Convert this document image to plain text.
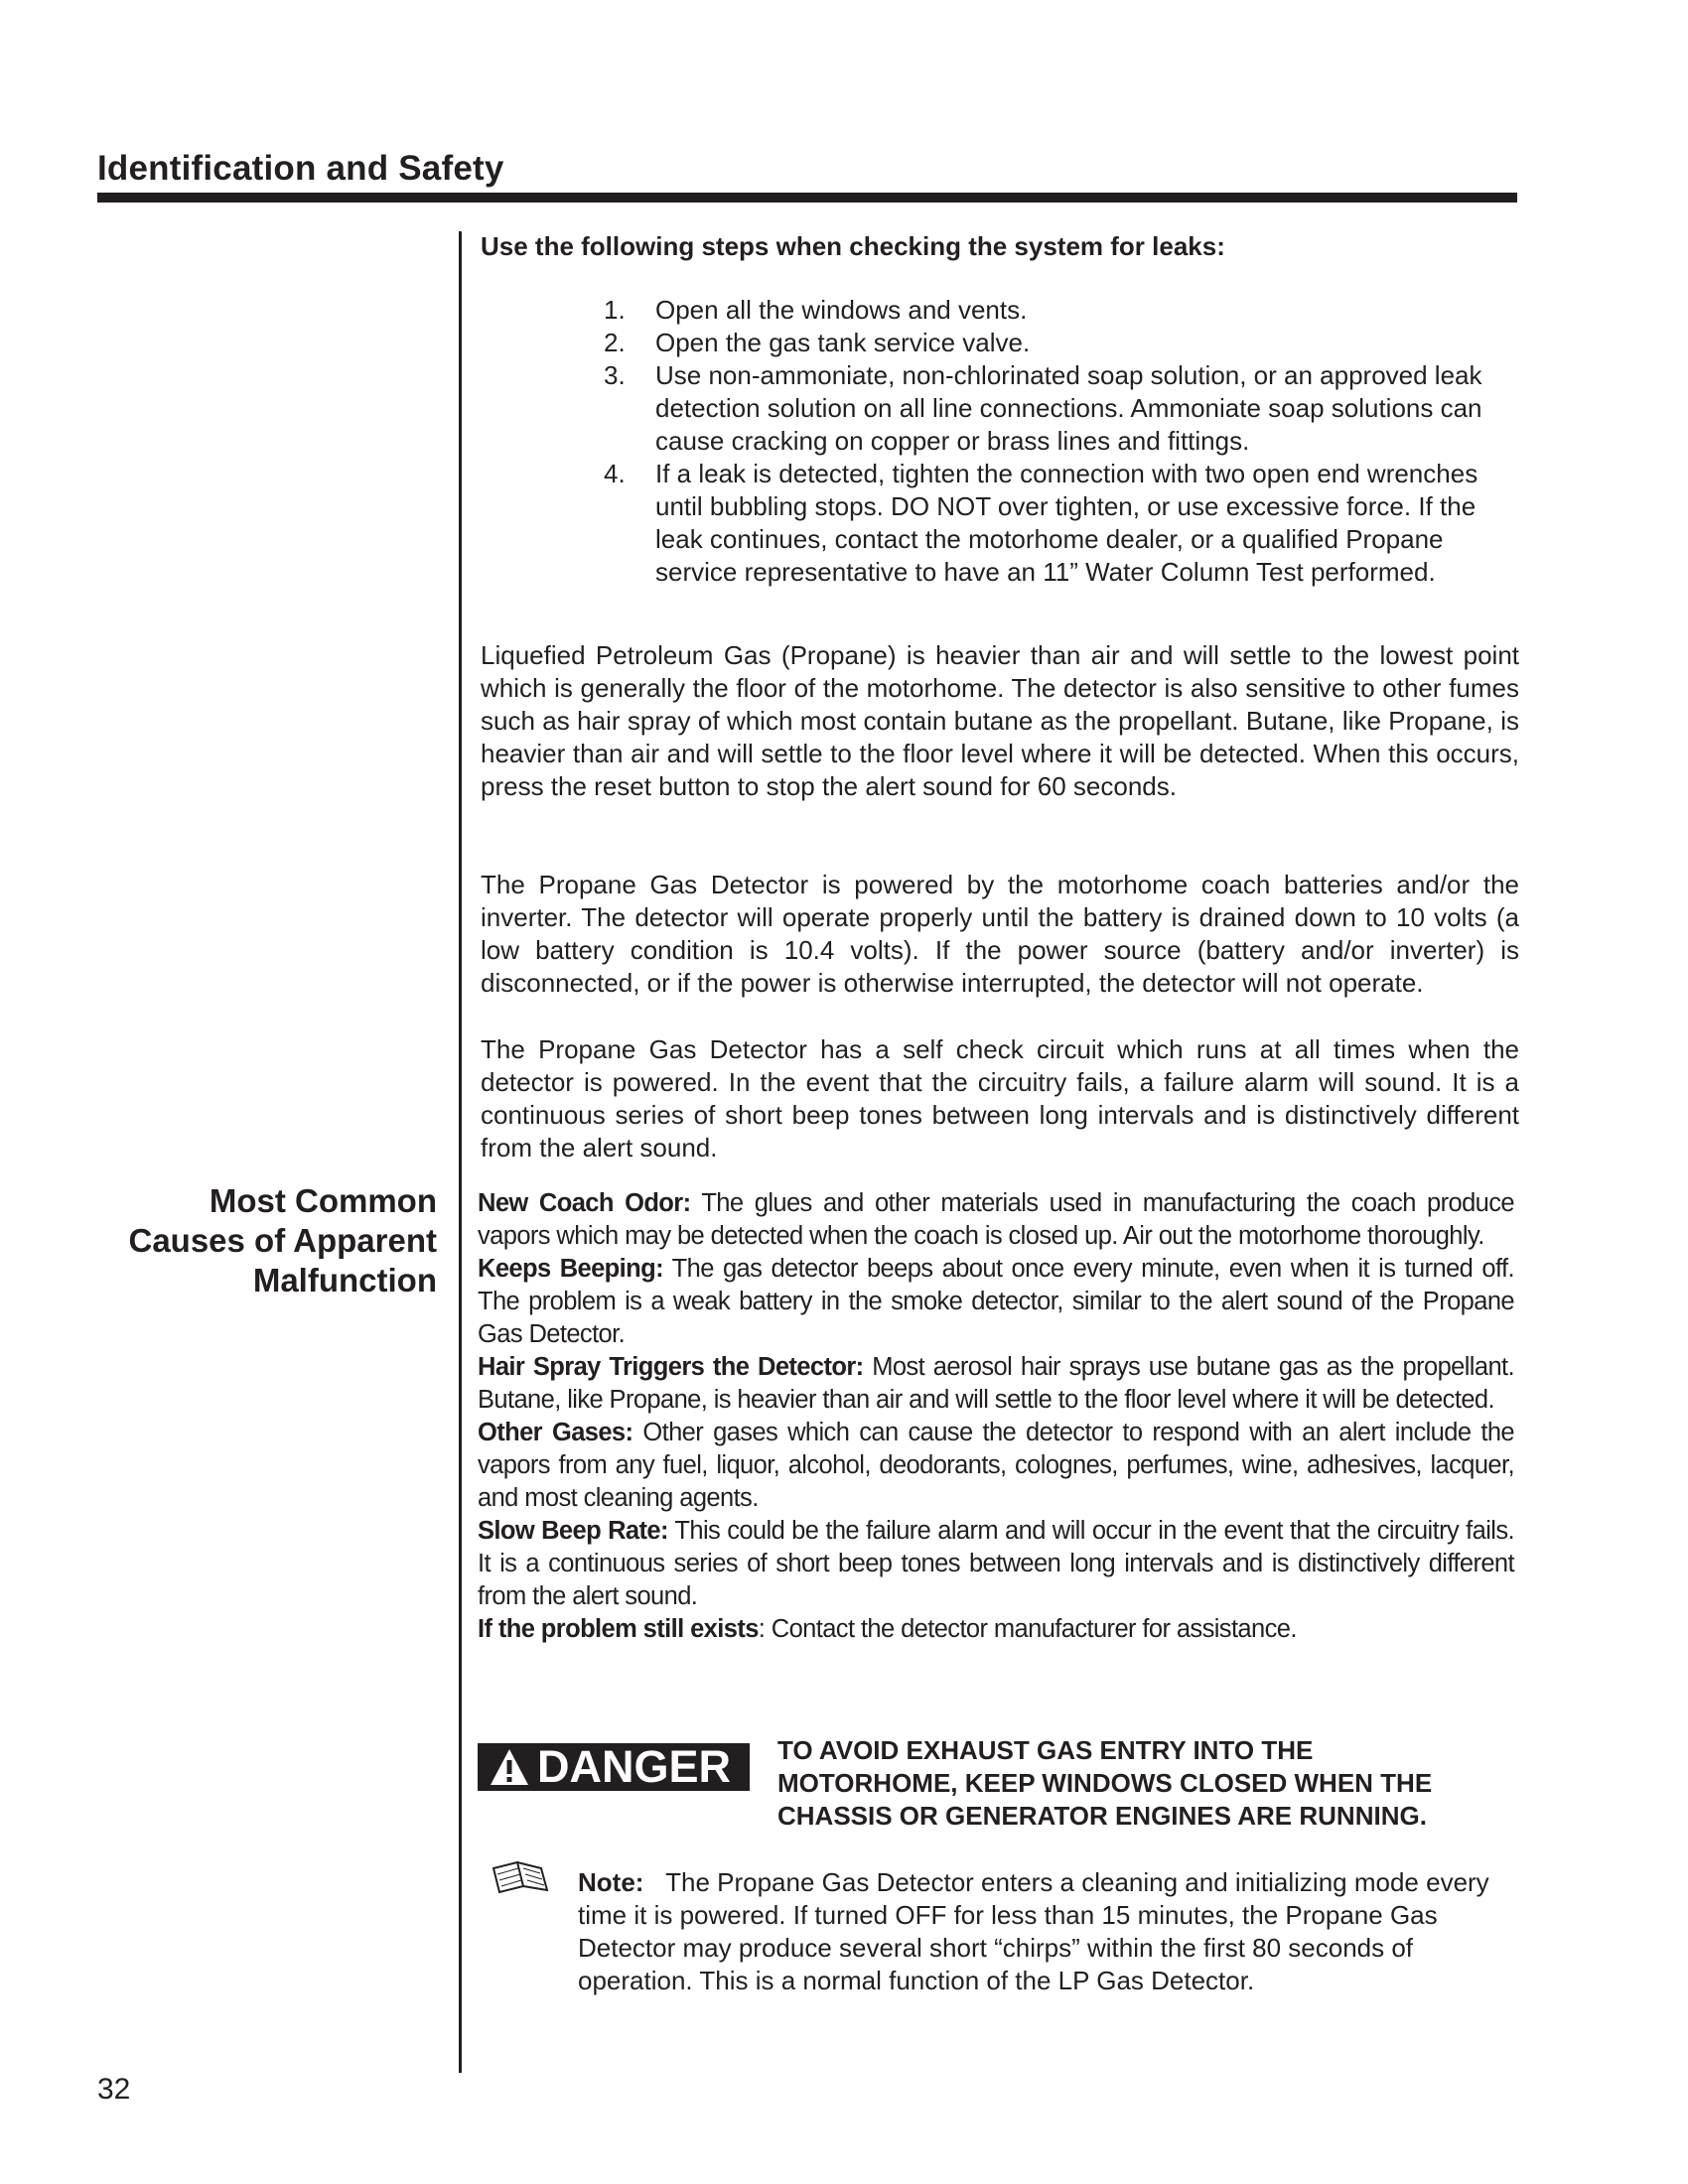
Identification and Safety
Use the following steps when checking the system for leaks:
1. Open all the windows and vents.
2. Open the gas tank service valve.
3. Use non-ammoniate, non-chlorinated soap solution, or an approved leak detection solution on all line connections. Ammoniate soap solutions can cause cracking on copper or brass lines and fittings.
4. If a leak is detected, tighten the connection with two open end wrenches until bubbling stops. DO NOT over tighten, or use excessive force. If the leak continues, contact the motorhome dealer, or a qualified Propane service representative to have an 11” Water Column Test performed.
Liquefied Petroleum Gas (Propane) is heavier than air and will settle to the lowest point which is generally the floor of the motorhome. The detector is also sensitive to other fumes such as hair spray of which most contain butane as the propellant. Butane, like Propane, is heavier than air and will settle to the floor level where it will be detected. When this occurs, press the reset button to stop the alert sound for 60 seconds.
The Propane Gas Detector is powered by the motorhome coach batteries and/or the inverter. The detector will operate properly until the battery is drained down to 10 volts (a low battery condition is 10.4 volts). If the power source (battery and/or inverter) is disconnected, or if the power is otherwise interrupted, the detector will not operate.
The Propane Gas Detector has a self check circuit which runs at all times when the detector is powered. In the event that the circuitry fails, a failure alarm will sound. It is a continuous series of short beep tones between long intervals and is distinctively different from the alert sound.
Most Common
Causes of Apparent
Malfunction

New Coach Odor: The glues and other materials used in manufacturing the coach produce vapors which may be detected when the coach is closed up. Air out the motorhome thoroughly.

Keeps Beeping: The gas detector beeps about once every minute, even when it is turned off. The problem is a weak battery in the smoke detector, similar to the alert sound of the Propane Gas Detector.

Hair Spray Triggers the Detector: Most aerosol hair sprays use butane gas as the propellant. Butane, like Propane, is heavier than air and will settle to the floor level where it will be detected.

Other Gases: Other gases which can cause the detector to respond with an alert include the vapors from any fuel, liquor, alcohol, deodorants, colognes, perfumes, wine, adhesives, lacquer, and most cleaning agents.

Slow Beep Rate: This could be the failure alarm and will occur in the event that the circuitry fails. It is a continuous series of short beep tones between long intervals and is distinctively different from the alert sound.

If the problem still exists: Contact the detector manufacturer for assistance.

DANGER TO AVOID EXHAUST GAS ENTRY INTO THE
MOTORHOME, KEEP WINDOWS CLOSED WHEN THE
CHASSIS OR GENERATOR ENGINES ARE RUNNING.
Note: The Propane Gas Detector enters a cleaning and initializing mode every time it is powered. If turned OFF for less than 15 minutes, the Propane Gas Detector may produce several short “chirps” within the first 80 seconds of operation. This is a normal function of the LP Gas Detector.
32
